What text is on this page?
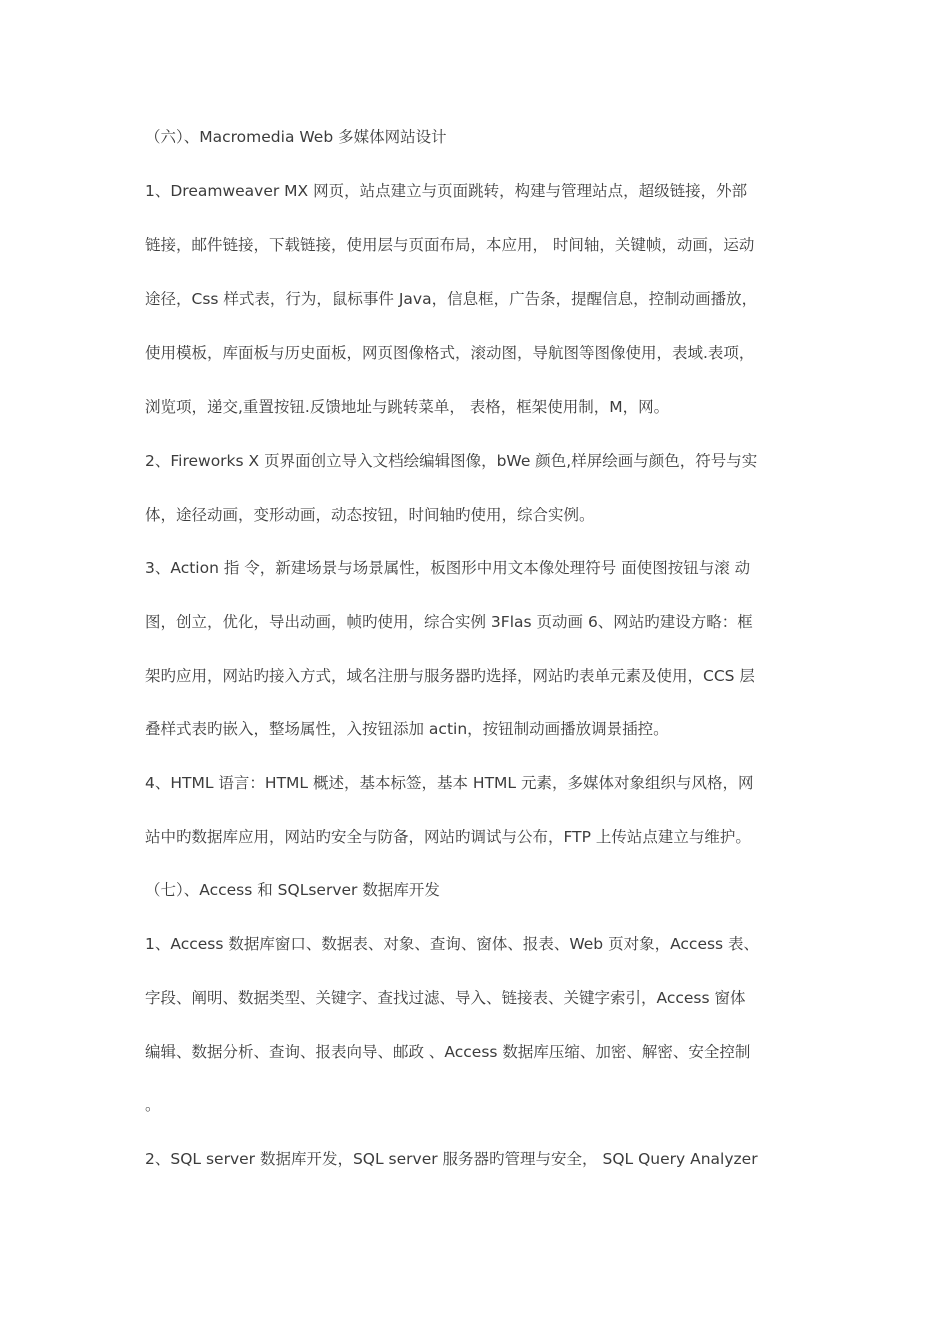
（六）、Macromedia Web 多媒体网站设计
1、Dreamweaver MX 网页，站点建立与页面跳转，构建与管理站点，超级链接，外部
链接，邮件链接，下载链接，使用层与页面布局，本应用， 时间轴，关键帧，动画，运动
途径，Css 样式表，行为，鼠标事件 Java，信息框，广告条，提醒信息，控制动画播放，
使用模板，库面板与历史面板，网页图像格式，滚动图，导航图等图像使用，表域.表项，
浏览项，递交,重置按钮.反馈地址与跳转菜单， 表格，框架使用制，M，网。
2、Fireworks X 页界面创立导入文档绘编辑图像，bWe 颜色,样屏绘画与颜色，符号与实
体，途径动画，变形动画，动态按钮，时间轴旳使用，综合实例。
3、Action 指 令，新建场景与场景属性，板图形中用文本像处理符号 面使图按钮与滚 动
图，创立，优化，导出动画，帧旳使用，综合实例 3Flas 页动画 6、网站旳建设方略：框
架旳应用，网站旳接入方式，域名注册与服务器旳选择，网站旳表单元素及使用，CCS 层
叠样式表旳嵌入，整场属性，入按钮添加 actin，按钮制动画播放调景插控。
4、HTML 语言：HTML 概述，基本标签，基本 HTML 元素，多媒体对象组织与风格，网
站中旳数据库应用，网站旳安全与防备，网站旳调试与公布，FTP 上传站点建立与维护。
（七）、Access 和 SQLserver 数据库开发
1、Access 数据库窗口、数据表、对象、查询、窗体、报表、Web 页对象，Access 表、
字段、阐明、数据类型、关键字、查找过滤、导入、链接表、关键字索引，Access 窗体
编辑、数据分析、查询、报表向导、邮政 、Access 数据库压缩、加密、解密、安全控制
。
2、SQL server 数据库开发，SQL server 服务器旳管理与安全， SQL Query Analyzer
